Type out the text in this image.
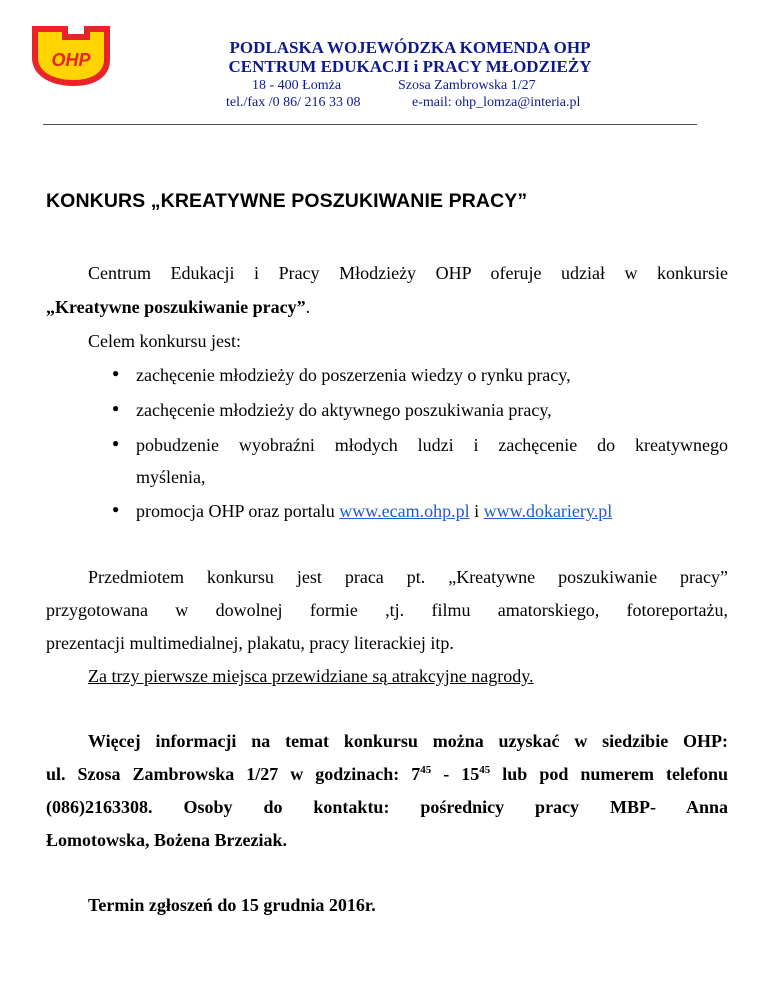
OHP
PODLASKA WOJEWÓDZKA KOMENDA OHP
CENTRUM EDUKACJI i PRACY MŁODZIEŻY
18 - 400 Łomża	Szosa Zambrowska 1/27
tel./fax /0 86/ 216 33 08	e-mail: ohp_lomza@interia.pl
KONKURS „KREATYWNE POSZUKIWANIE PRACY”
Centrum Edukacji i Pracy Młodzieży OHP oferuje udział w konkursie
„Kreatywne poszukiwanie pracy”.
Celem konkursu jest:
● zachęcenie młodzieży do poszerzenia wiedzy o rynku pracy,
● zachęcenie młodzieży do aktywnego poszukiwania pracy,
● pobudzenie wyobraźni młodych ludzi i zachęcenie do kreatywnego
myślenia,
● promocja OHP oraz portalu www.ecam.ohp.pl i www.dokariery.pl
Przedmiotem konkursu jest praca pt. „Kreatywne poszukiwanie pracy”
przygotowana w dowolnej formie ,tj. filmu amatorskiego, fotoreportażu,
prezentacji multimedialnej, plakatu, pracy literackiej itp.
Za trzy pierwsze miejsca przewidziane są atrakcyjne nagrody.
Więcej informacji na temat konkursu można uzyskać w siedzibie OHP:
ul. Szosa Zambrowska 1/27 w godzinach: $7^{45} - 15^{45}$ lub pod numerem telefonu
(086)2163308. Osoby do kontaktu: pośrednicy pracy MBP- Anna
Łomotowska, Bożena Brzeziak.
Termin zgłoszeń do 15 grudnia 2016r.
